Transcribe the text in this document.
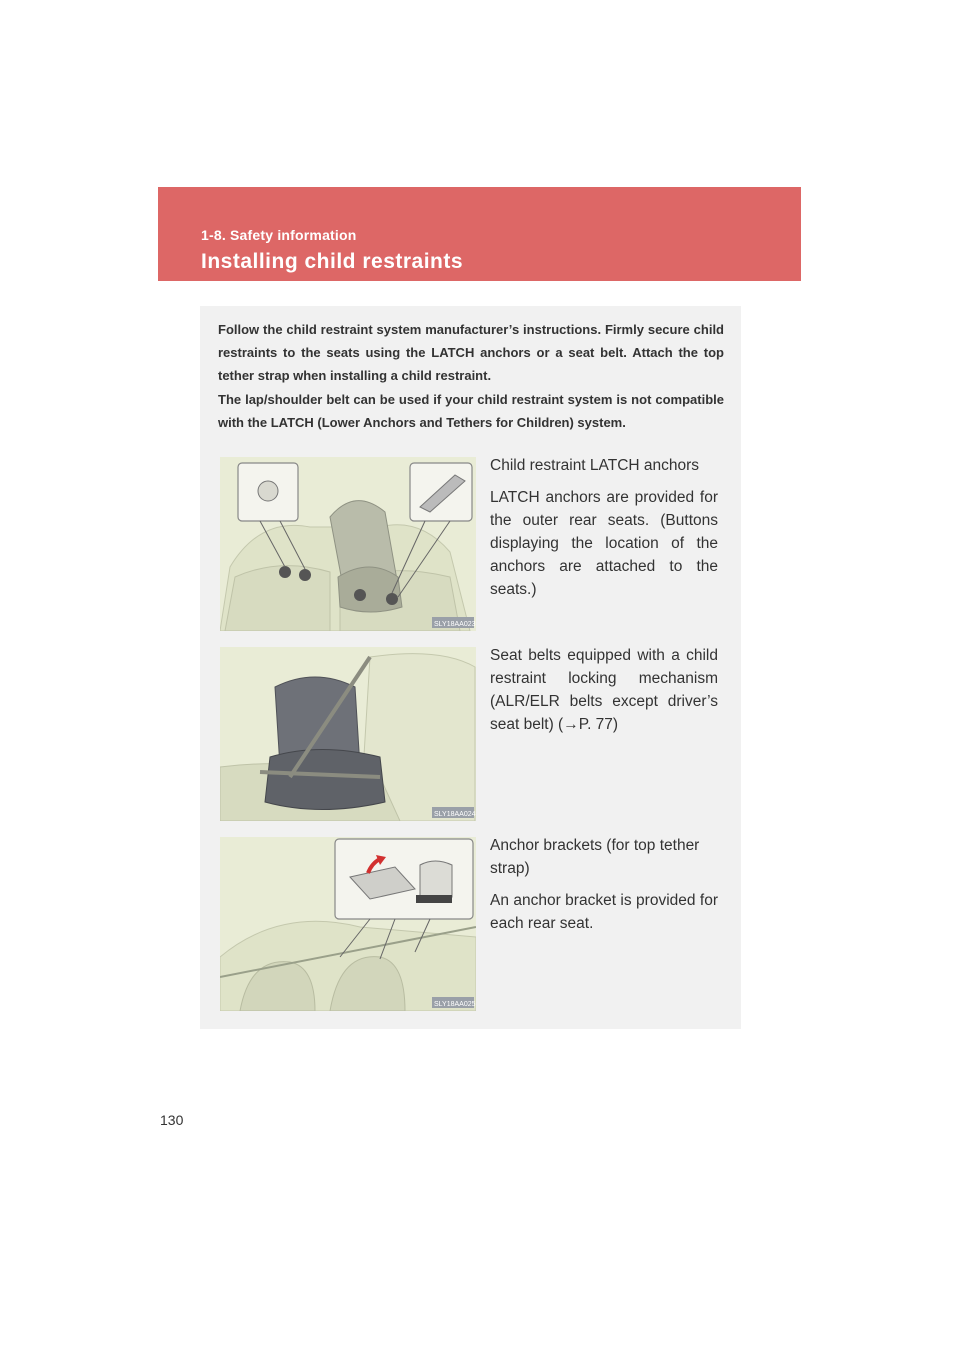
1-8. Safety information
Installing child restraints

Follow the child restraint system manufacturer’s instructions. Firmly secure child restraints to the seats using the LATCH anchors or a seat belt. Attach the top tether strap when installing a child restraint.

The lap/shoulder belt can be used if your child restraint system is not compatible with the LATCH (Lower Anchors and Tethers for Children) system.

SLY18AA023

Child restraint LATCH anchors

LATCH anchors are provided for the outer rear seats. (Buttons displaying the location of the anchors are attached to the seats.)

SLY18AA024

Seat belts equipped with a child restraint locking mechanism (ALR/ELR belts except driver’s seat belt) (→P. 77)

SLY18AA025

Anchor brackets (for top tether strap)

An anchor bracket is provided for each rear seat.

130
